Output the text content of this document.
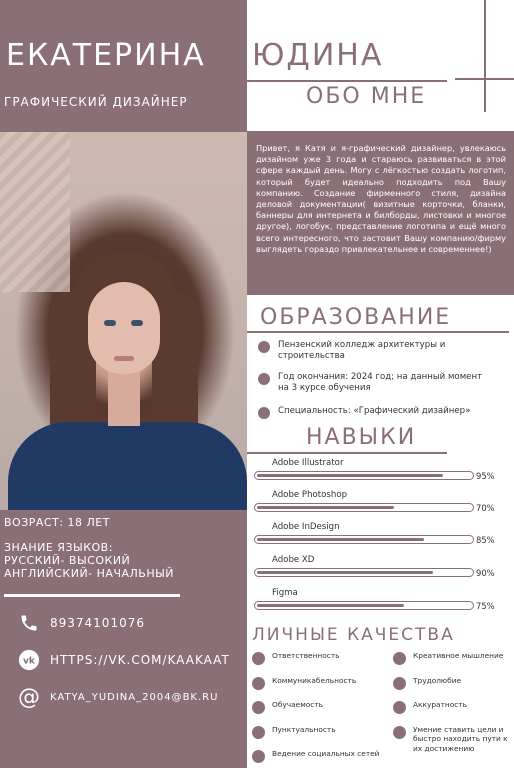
ЕКАТЕРИНА ЮДИНА
ГРАФИЧЕСКИЙ ДИЗАЙНЕР	ОБО МНЕ
Привет, я Катя и я-графический дизайнер, увлекаюсь дизайном уже 3 года и стараюсь развиваться в этой сфере каждый день. Могу с лёгкостью создать логотип, который будет идеально подходить под Вашу компанию. Создание фирменного стиля, дизайна деловой документации( визитные корточки, бланки, баннеры для интернета и билборды, листовки и многое другое), логобук, представление логотипа и ещё много всего интересного, что застовит Вашу компанию/фирму выглядеть гораздо привлекательнее и современнее!)
ВОЗРАСТ: 18 ЛЕТ
ЗНАНИЕ ЯЗЫКОВ:
РУССКИЙ- ВЫСОКИЙ
АНГЛИЙСКИЙ- НАЧАЛЬНЫЙ
89374101076
vk HTTPS://VK.COM/KAAKAAT
@ KATYA_YUDINA_2004@BK.RU
ОБРАЗОВАНИЕ
Пензенский колледж архитектуры и строительства
Год окончания: 2024 год; на данный момент на 3 курсе обучения
Специальность: «Графический дизайнер»
НАВЫКИ
ЛИЧНЫЕ КАЧЕСТВА
Ответственность
Коммуникабельность
Обучаемость
Пунктуальность
Ведение социальных сетей
Креативное мышление
Трудолюбие
Аккуратность
Умение ставить цели и быстро находить пути к их достижению
Adobe Illustrator
95%
Adobe Photoshop
70%
Adobe InDesign
85%
Adobe XD
90%
Figma
75%
